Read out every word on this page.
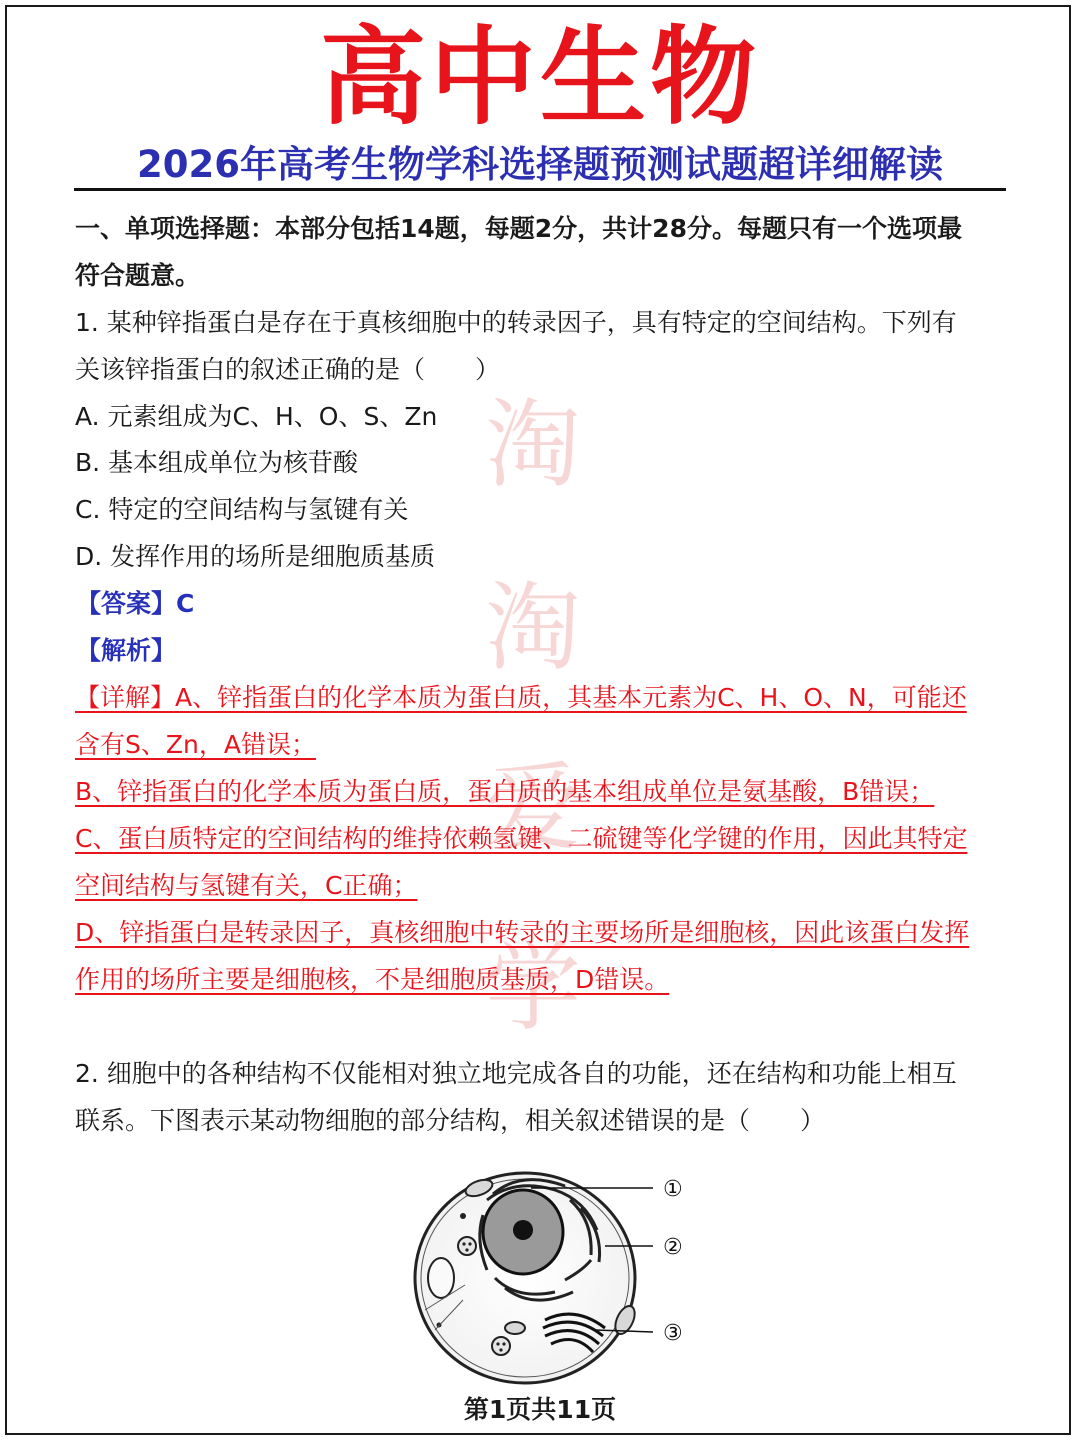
淘
淘
爱
学
高中生物
2026年高考生物学科选择题预测试题超详细解读
一、单项选择题：本部分包括14题，每题2分，共计28分。每题只有一个选项最
符合题意。
1. 某种锌指蛋白是存在于真核细胞中的转录因子，具有特定的空间结构。下列有
关该锌指蛋白的叙述正确的是（　　）
A. 元素组成为C、H、O、S、Zn
B. 基本组成单位为核苷酸
C. 特定的空间结构与氢键有关
D. 发挥作用的场所是细胞质基质
【答案】C
【解析】
【详解】A、锌指蛋白的化学本质为蛋白质，其基本元素为C、H、O、N，可能还
含有S、Zn，A错误；
B、锌指蛋白的化学本质为蛋白质，蛋白质的基本组成单位是氨基酸，B错误；
C、蛋白质特定的空间结构的维持依赖氢键、二硫键等化学键的作用，因此其特定
空间结构与氢键有关，C正确；
D、锌指蛋白是转录因子，真核细胞中转录的主要场所是细胞核，因此该蛋白发挥
作用的场所主要是细胞核，不是细胞质基质，D错误。
2. 细胞中的各种结构不仅能相对独立地完成各自的功能，还在结构和功能上相互
联系。下图表示某动物细胞的部分结构，相关叙述错误的是（　　）
①
②
③
第1页共11页
